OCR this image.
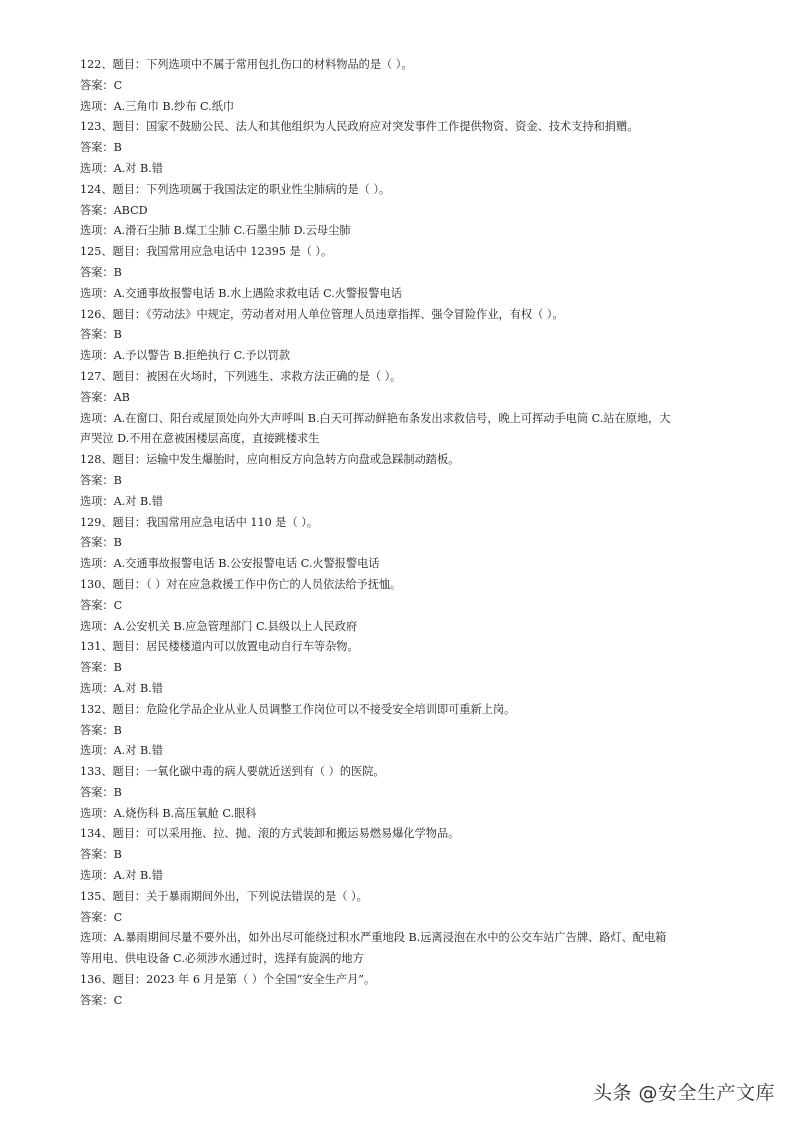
122、题目：下列选项中不属于常用包扎伤口的材料物品的是（ ）。
答案：C
选项：A.三角巾 B.纱布 C.纸巾
123、题目：国家不鼓励公民、法人和其他组织为人民政府应对突发事件工作提供物资、资金、技术支持和捐赠。
答案：B
选项：A.对 B.错
124、题目：下列选项属于我国法定的职业性尘肺病的是（ ）。
答案：ABCD
选项：A.滑石尘肺 B.煤工尘肺 C.石墨尘肺 D.云母尘肺
125、题目：我国常用应急电话中 12395 是（ ）。
答案：B
选项：A.交通事故报警电话 B.水上遇险求救电话 C.火警报警电话
126、题目：《劳动法》中规定，劳动者对用人单位管理人员违章指挥、强令冒险作业，有权（ ）。
答案：B
选项：A.予以警告 B.拒绝执行 C.予以罚款
127、题目：被困在火场时，下列逃生、求救方法正确的是（ ）。
答案：AB
选项：A.在窗口、阳台或屋顶处向外大声呼叫 B.白天可挥动鲜艳布条发出求救信号，晚上可挥动手电筒 C.站在原地，大
声哭泣 D.不用在意被困楼层高度，直接跳楼求生
128、题目：运输中发生爆胎时，应向相反方向急转方向盘或急踩制动踏板。
答案：B
选项：A.对 B.错
129、题目：我国常用应急电话中 110 是（ ）。
答案：B
选项：A.交通事故报警电话 B.公安报警电话 C.火警报警电话
130、题目：（ ）对在应急救援工作中伤亡的人员依法给予抚恤。
答案：C
选项：A.公安机关 B.应急管理部门 C.县级以上人民政府
131、题目：居民楼楼道内可以放置电动自行车等杂物。
答案：B
选项：A.对 B.错
132、题目：危险化学品企业从业人员调整工作岗位可以不接受安全培训即可重新上岗。
答案：B
选项：A.对 B.错
133、题目：一氧化碳中毒的病人要就近送到有（ ）的医院。
答案：B
选项：A.烧伤科 B.高压氧舱 C.眼科
134、题目：可以采用拖、拉、抛、滚的方式装卸和搬运易燃易爆化学物品。
答案：B
选项：A.对 B.错
135、题目：关于暴雨期间外出，下列说法错误的是（ ）。
答案：C
选项：A.暴雨期间尽量不要外出，如外出尽可能绕过积水严重地段 B.远离浸泡在水中的公交车站广告牌、路灯、配电箱
等用电、供电设备 C.必须涉水通过时，选择有旋涡的地方
136、题目：2023 年 6 月是第（ ）个全国“安全生产月”。
答案：C
头条 @安全生产文库
